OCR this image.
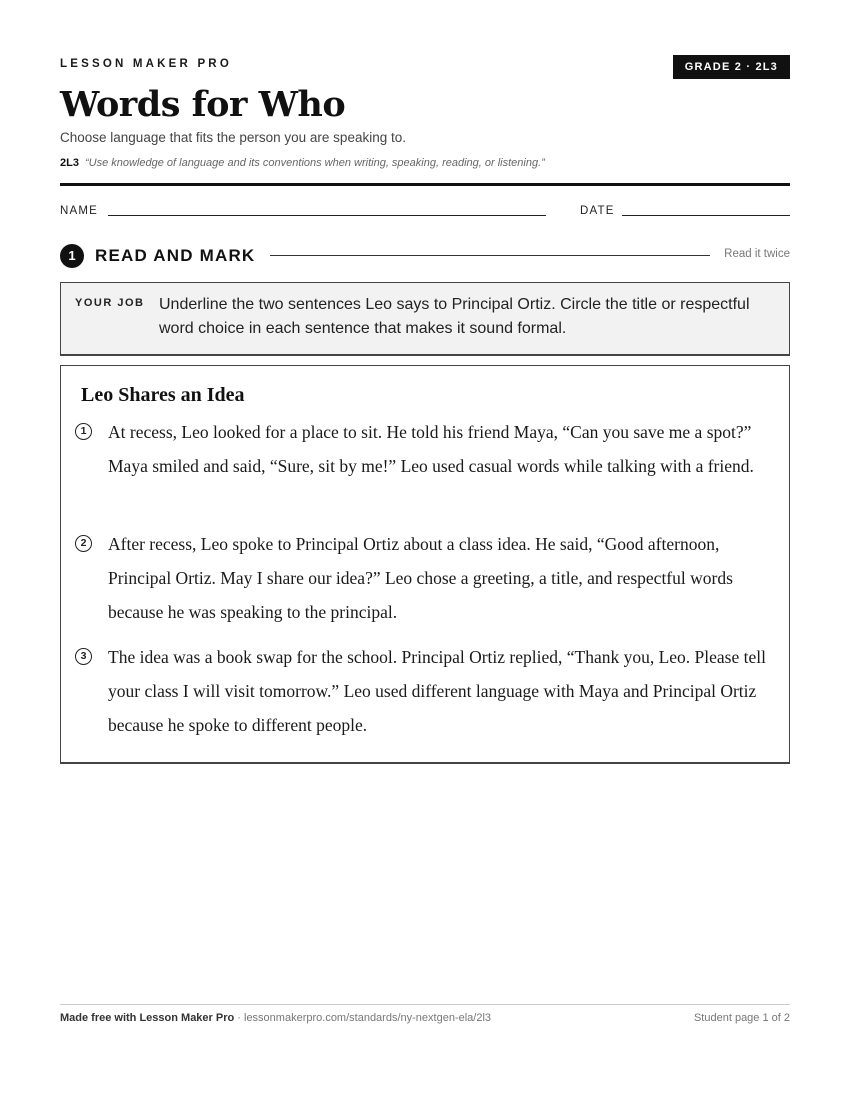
LESSON MAKER PRO	GRADE 2 · 2L3
Words for Who
Choose language that fits the person you are speaking to.
2L3 “Use knowledge of language and its conventions when writing, speaking, reading, or listening.”
NAME	DATE
1	READ AND MARK	Read it twice
YOUR JOB Underline the two sentences Leo says to Principal Ortiz. Circle the title or respectful word choice in each sentence that makes it sound formal.
Leo Shares an Idea
1	At recess, Leo looked for a place to sit. He told his friend Maya, “Can you save me a spot?” Maya smiled and said, “Sure, sit by me!” Leo used casual words while talking with a friend.

2	After recess, Leo spoke to Principal Ortiz about a class idea. He said, “Good afternoon, Principal Ortiz. May I share our idea?” Leo chose a greeting, a title, and respectful words because he was speaking to the principal.

3	The idea was a book swap for the school. Principal Ortiz replied, “Thank you, Leo. Please tell your class I will visit tomorrow.” Leo used different language with Maya and Principal Ortiz because he spoke to different people.

Made free with Lesson Maker Pro · lessonmakerpro.com/standards/ny-nextgen-ela/2l3	Student page 1 of 2
